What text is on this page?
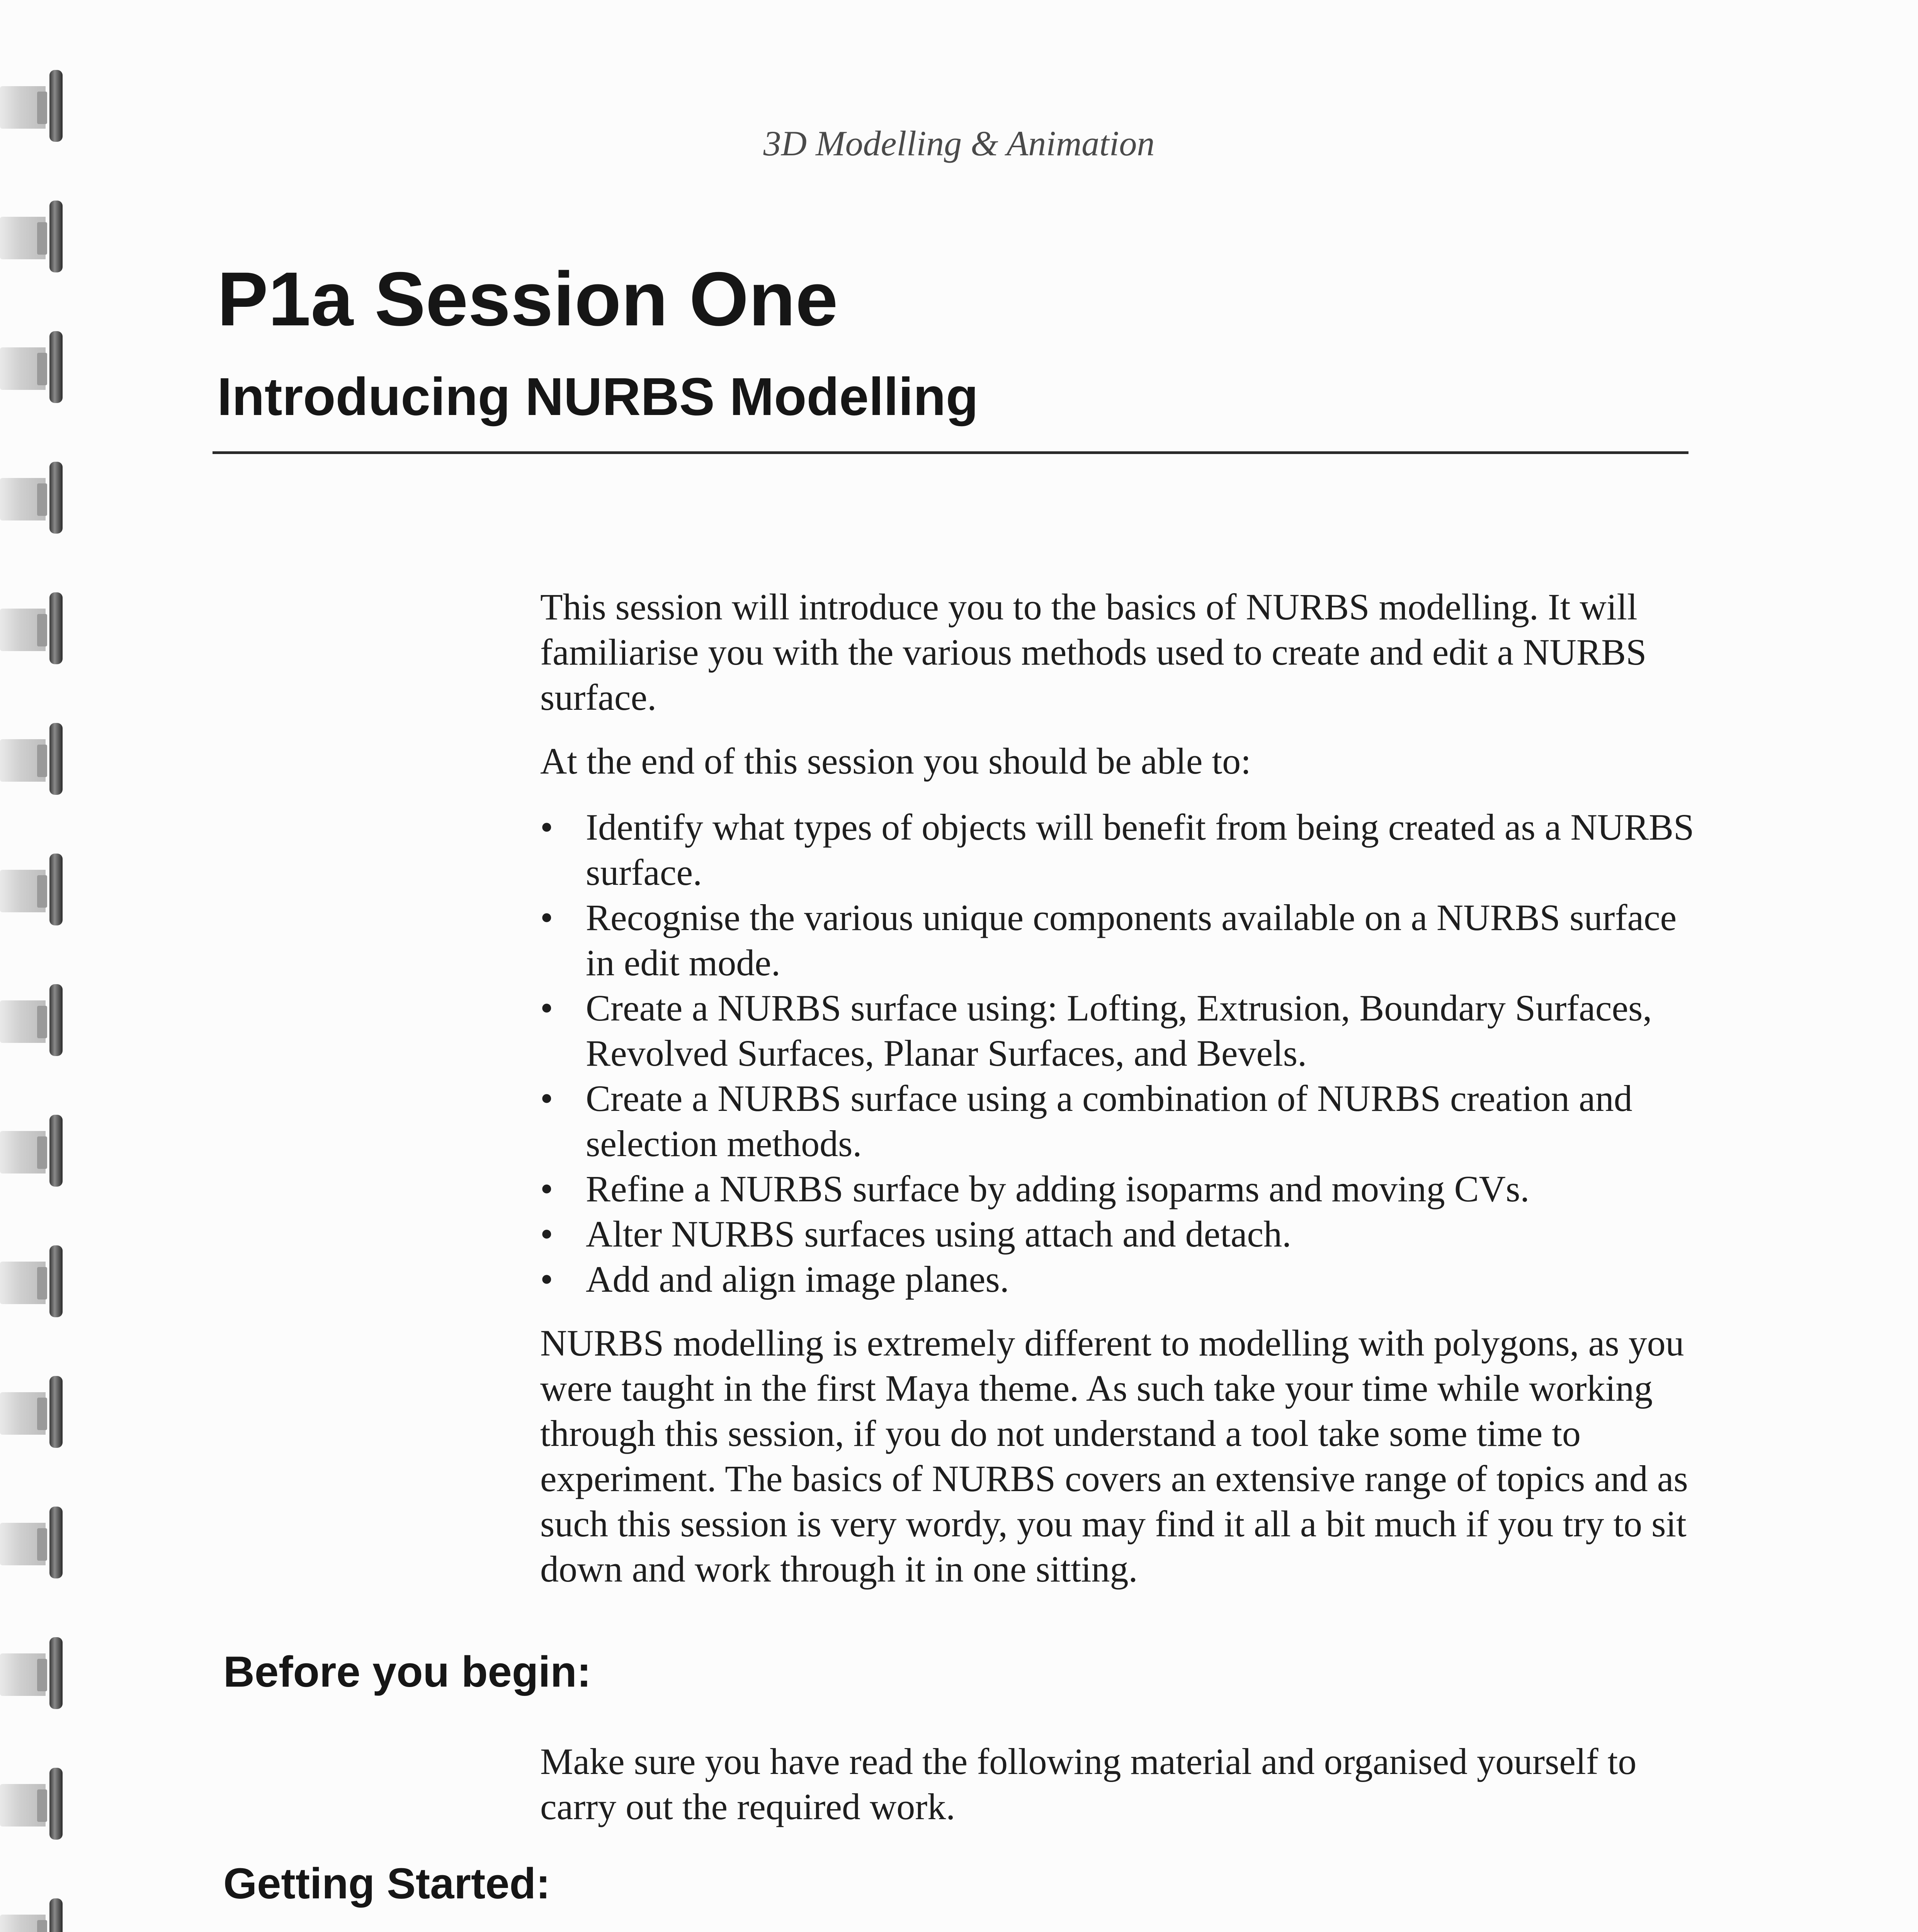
3D Modelling & Animation
P1a Session One
Introducing NURBS Modelling

This session will introduce you to the basics of NURBS modelling. It will familiarise you with the various methods used to create and edit a NURBS surface.

At the end of this session you should be able to:

• Identify what types of objects will benefit from being created as a NURBS surface.
• Recognise the various unique components available on a NURBS surface in edit mode.
• Create a NURBS surface using: Lofting, Extrusion, Boundary Surfaces, Revolved Surfaces, Planar Surfaces, and Bevels.
• Create a NURBS surface using a combination of NURBS creation and selection methods.
• Refine a NURBS surface by adding isoparms and moving CVs.
• Alter NURBS surfaces using attach and detach.
• Add and align image planes.

NURBS modelling is extremely different to modelling with polygons, as you were taught in the first Maya theme. As such take your time while working through this session, if you do not understand a tool take some time to experiment. The basics of NURBS covers an extensive range of topics and as such this session is very wordy, you may find it all a bit much if you try to sit down and work through it in one sitting.

Before you begin:
Make sure you have read the following material and organised yourself to carry out the required work.
Getting Started:
